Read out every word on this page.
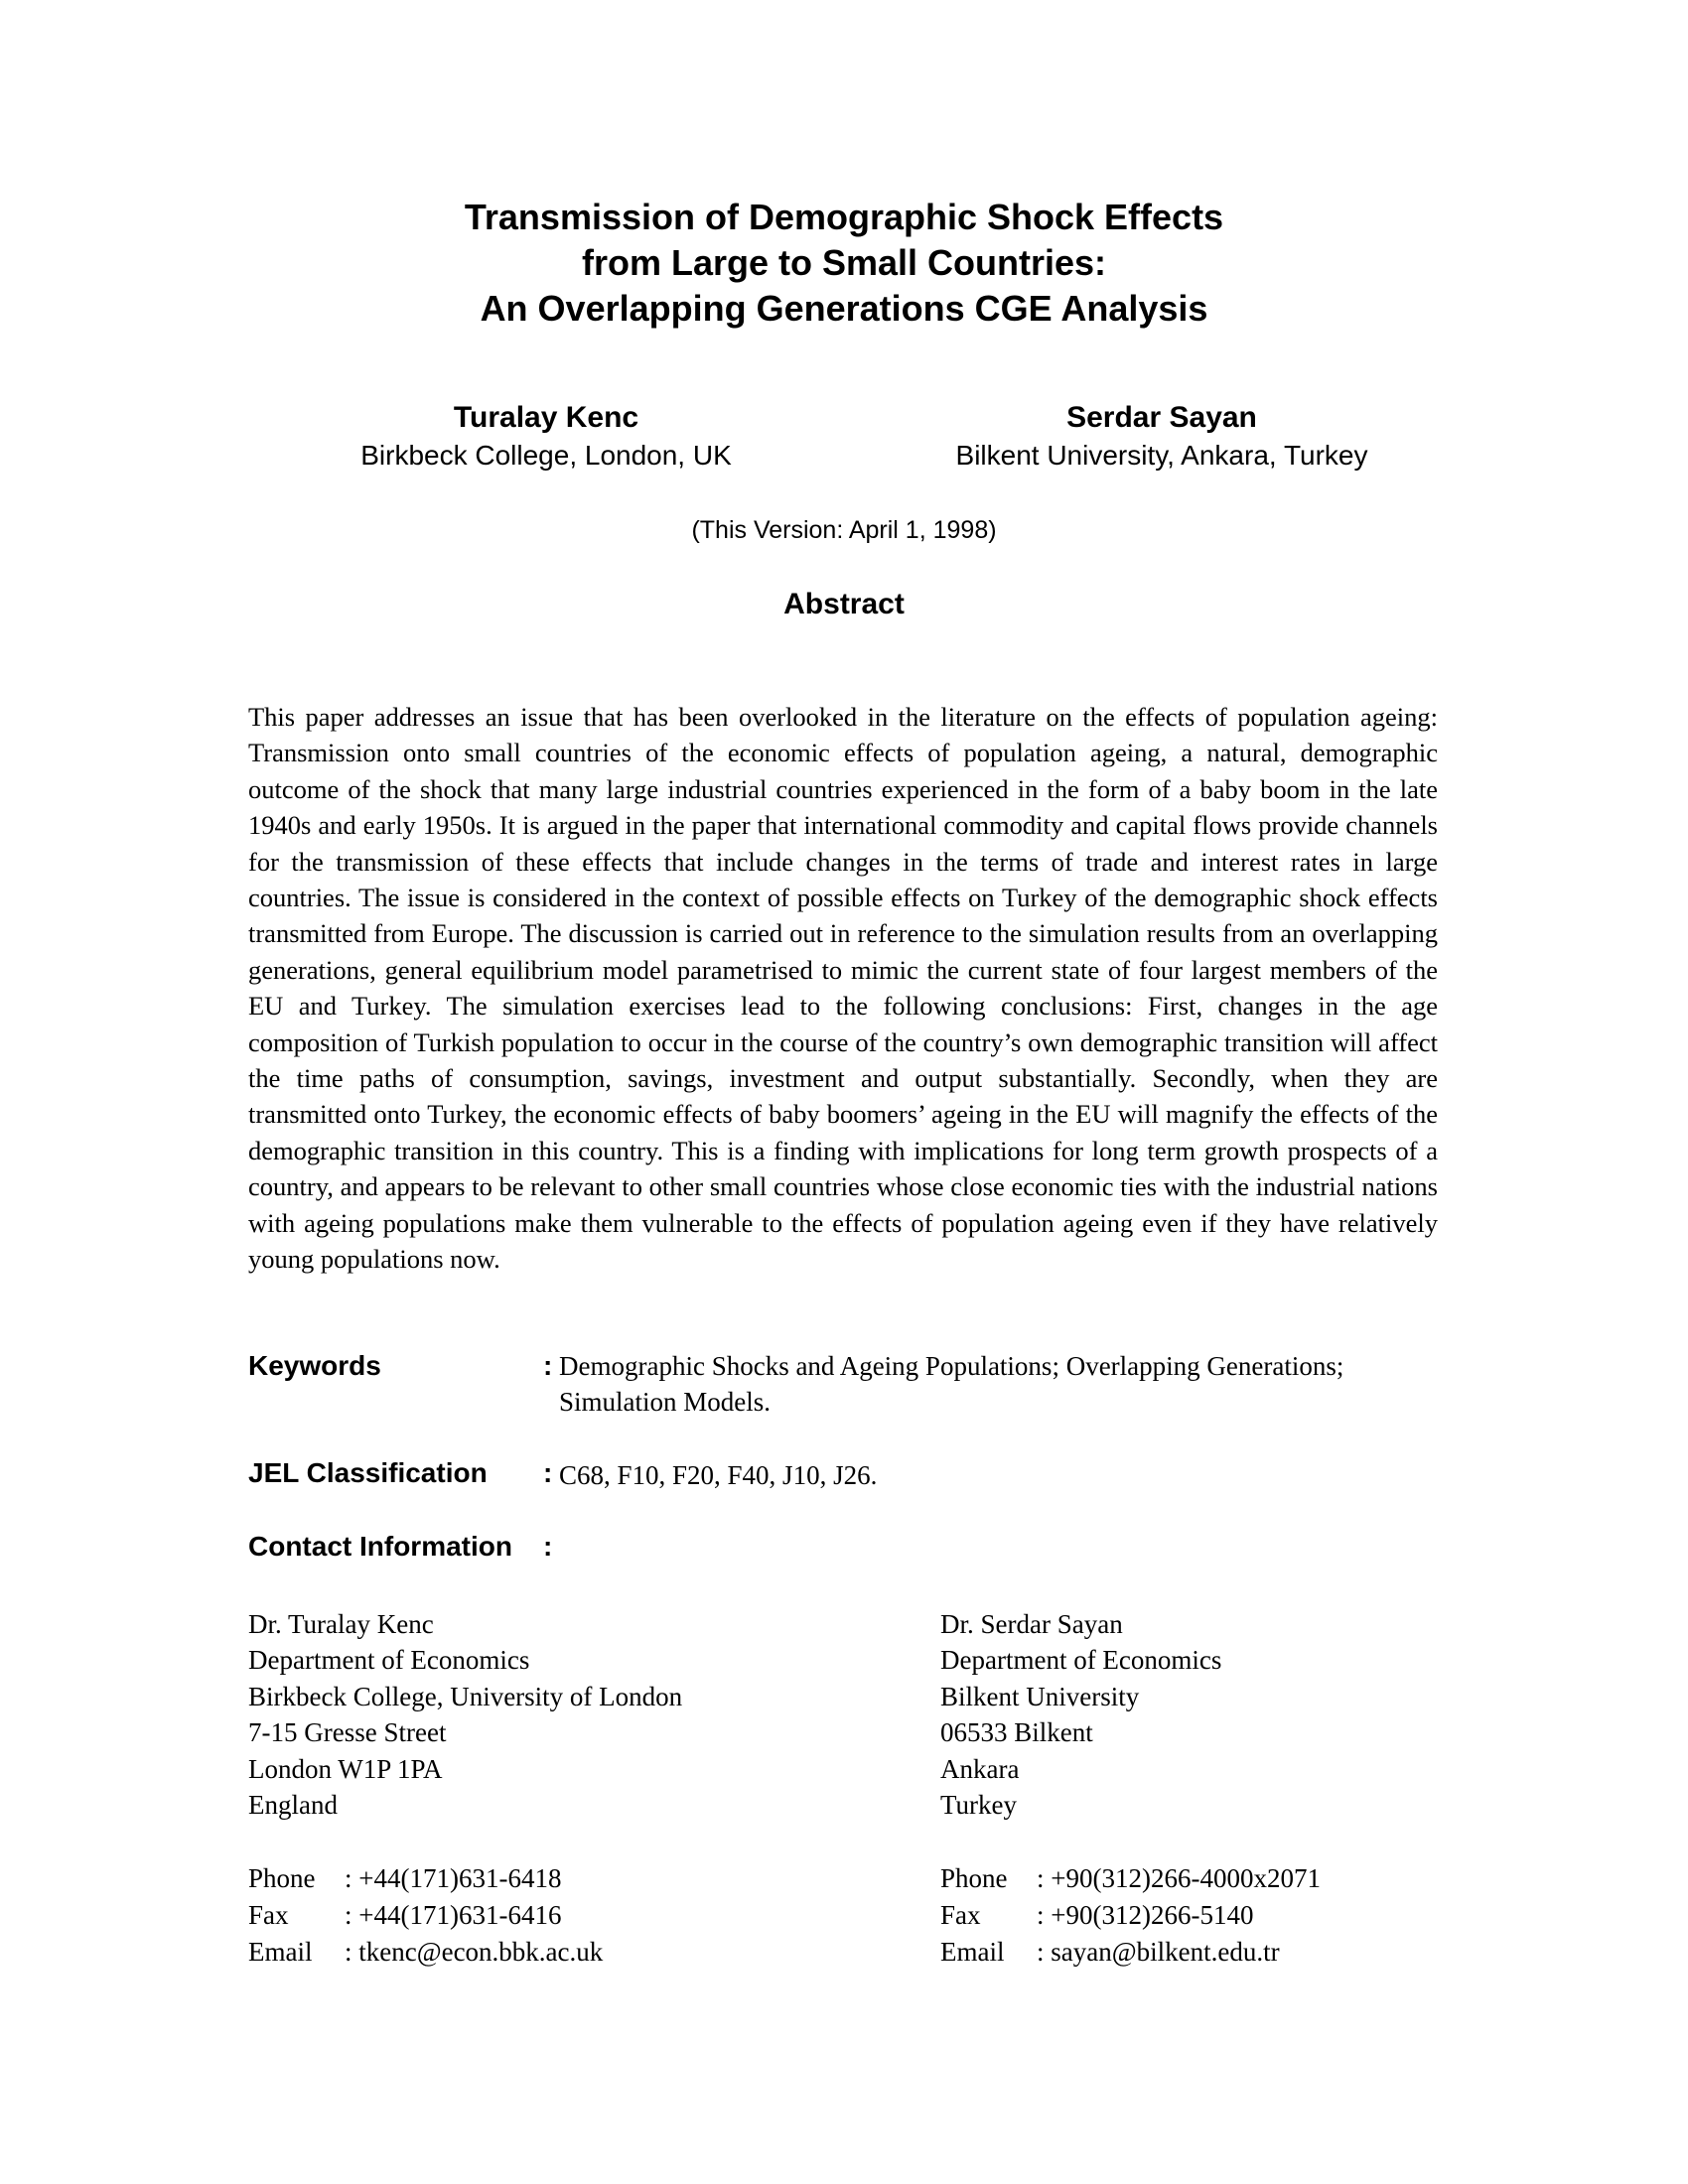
Transmission of Demographic Shock Effects
from Large to Small Countries:
An Overlapping Generations CGE Analysis
Turalay Kenc
Birkbeck College, London, UK
Serdar Sayan
Bilkent University, Ankara, Turkey
(This Version: April 1, 1998)
Abstract

This paper addresses an issue that has been overlooked in the literature on the effects of population ageing: Transmission onto small countries of the economic effects of population ageing, a natural, demographic outcome of the shock that many large industrial countries experienced in the form of a baby boom in the late 1940s and early 1950s. It is argued in the paper that international commodity and capital flows provide channels for the transmission of these effects that include changes in the terms of trade and interest rates in large countries. The issue is considered in the context of possible effects on Turkey of the demographic shock effects transmitted from Europe. The discussion is carried out in reference to the simulation results from an overlapping generations, general equilibrium model parametrised to mimic the current state of four largest members of the EU and Turkey. The simulation exercises lead to the following conclusions: First, changes in the age composition of Turkish population to occur in the course of the country’s own demographic transition will affect the time paths of consumption, savings, investment and output substantially. Secondly, when they are transmitted onto Turkey, the economic effects of baby boomers’ ageing in the EU will magnify the effects of the demographic transition in this country. This is a finding with implications for long term growth prospects of a country, and appears to be relevant to other small countries whose close economic ties with the industrial nations with ageing populations make them vulnerable to the effects of population ageing even if they have relatively young populations now.

Keywords	: Demographic Shocks and Ageing Populations; Overlapping Generations;
Simulation Models.
JEL Classification : C68, F10, F20, F40, J10, J26.
Contact Information :
Dr. Turalay Kenc
Department of Economics
Birkbeck College, University of London
7-15 Gresse Street
London W1P 1PA
England
Dr. Serdar Sayan
Department of Economics
Bilkent University
06533 Bilkent
Ankara
Turkey
Phone : +44(171)631-6418
Fax : +44(171)631-6416
Email : tkenc@econ.bbk.ac.uk
Phone : +90(312)266-4000x2071
Fax : +90(312)266-5140
Email : sayan@bilkent.edu.tr
